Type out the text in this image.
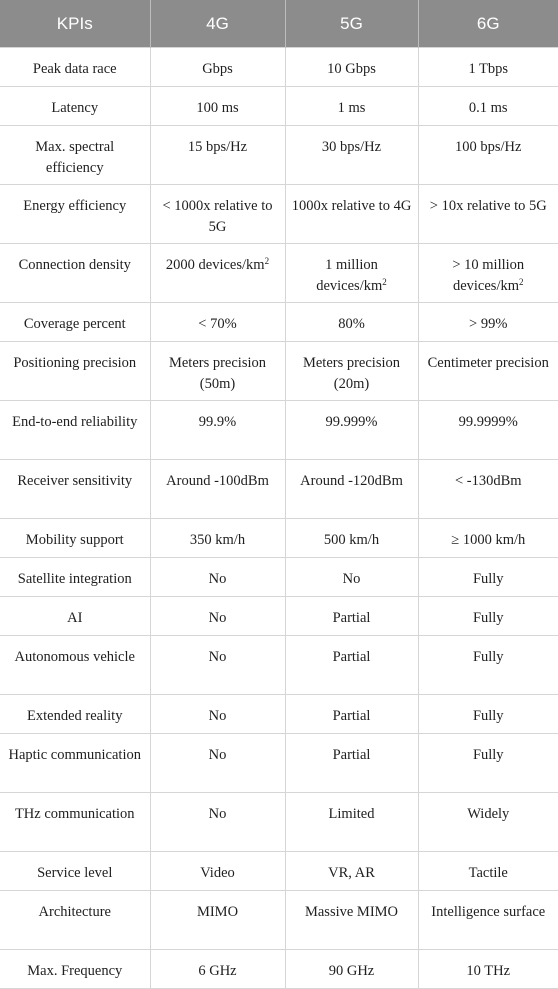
KPIs	4G	5G	6G
Peak data race	Gbps	10 Gbps	1 Tbps
Latency	100 ms	1 ms	0.1 ms
Max. spectral efficiency	15 bps/Hz	30 bps/Hz	100 bps/Hz
Energy efficiency	< 1000x relative to 5G	1000x relative to 4G	> 10x relative to 5G
Connection density	2000 devices/$km^2$	1 million devices/$km^2$	> 10 million devices/$km^2$
Coverage percent	< 70%	80%	> 99%
Positioning precision	Meters precision (50m)	Meters precision (20m)	Centimeter precision
End-to-end reliability	99.9%	99.999%	99.9999%
Receiver sensitivity	Around -100dBm	Around -120dBm	< -130dBm
Mobility support	350 km/h	500 km/h	≥ 1000 km/h
Satellite integration	No	No	Fully
AI	No	Partial	Fully
Autonomous vehicle	No	Partial	Fully
Extended reality	No	Partial	Fully
Haptic communication	No	Partial	Fully
THz communication	No	Limited	Widely
Service level	Video	VR, AR	Tactile
Architecture	MIMO	Massive MIMO	Intelligence surface
Max. Frequency	6 GHz	90 GHz	10 THz
